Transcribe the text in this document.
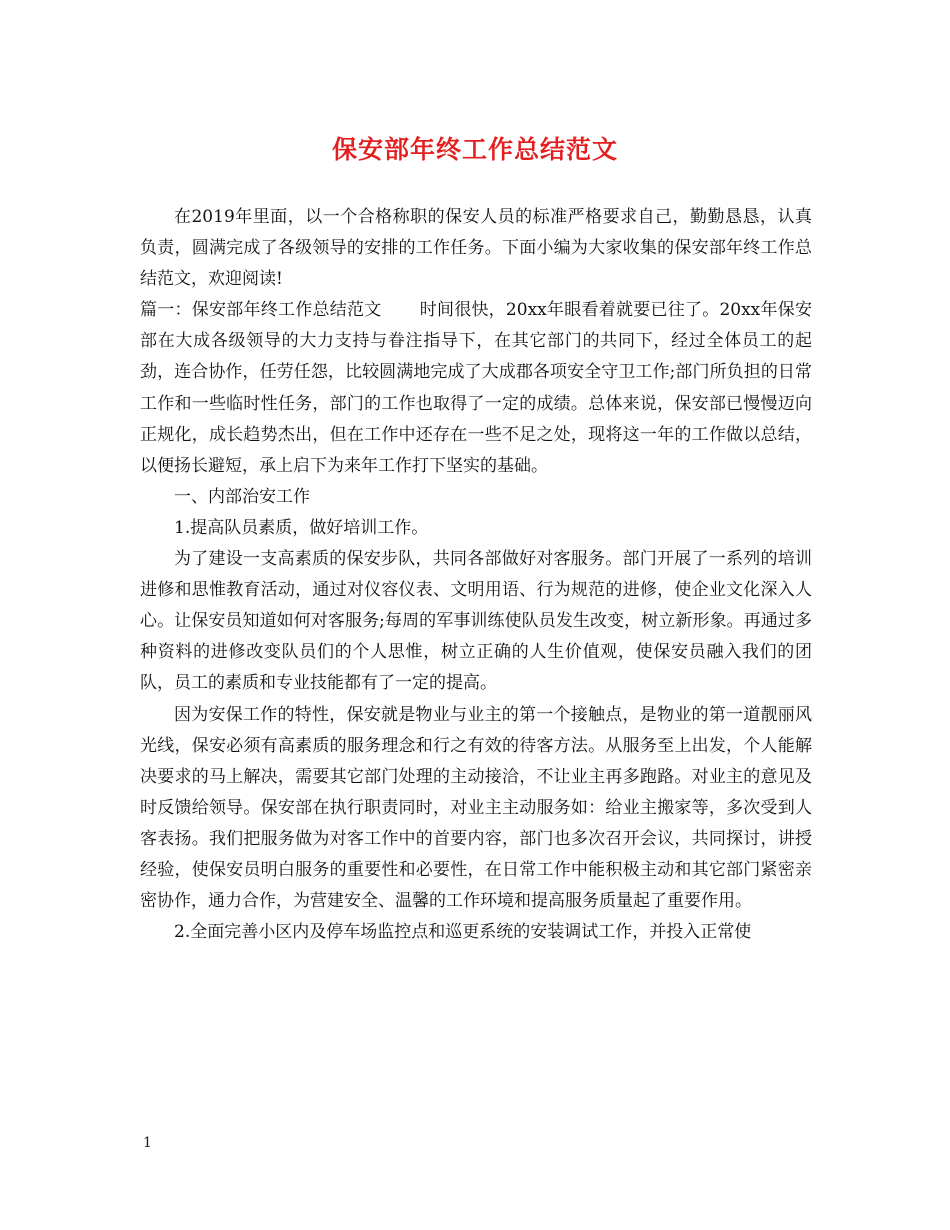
保安部年终工作总结范文

在2019年里面，以一个合格称职的保安人员的标准严格要求自己，勤勤恳恳，认真负责，圆满完成了各级领导的安排的工作任务。下面小编为大家收集的保安部年终工作总结范文，欢迎阅读!

篇一：保安部年终工作总结范文 时间很快，20xx年眼看着就要已往了。20xx年保安部在大成各级领导的大力支持与眷注指导下，在其它部门的共同下，经过全体员工的起劲，连合协作，任劳任怨，比较圆满地完成了大成郡各项安全守卫工作;部门所负担的日常工作和一些临时性任务，部门的工作也取得了一定的成绩。总体来说，保安部已慢慢迈向正规化，成长趋势杰出，但在工作中还存在一些不足之处，现将这一年的工作做以总结，以便扬长避短，承上启下为来年工作打下坚实的基础。

一、内部治安工作

1.提高队员素质，做好培训工作。

为了建设一支高素质的保安步队，共同各部做好对客服务。部门开展了一系列的培训进修和思惟教育活动，通过对仪容仪表、文明用语、行为规范的进修，使企业文化深入人心。让保安员知道如何对客服务;每周的军事训练使队员发生改变，树立新形象。再通过多种资料的进修改变队员们的个人思惟，树立正确的人生价值观，使保安员融入我们的团队，员工的素质和专业技能都有了一定的提高。

因为安保工作的特性，保安就是物业与业主的第一个接触点，是物业的第一道靓丽风光线，保安必须有高素质的服务理念和行之有效的待客方法。从服务至上出发，个人能解决要求的马上解决，需要其它部门处理的主动接洽，不让业主再多跑路。对业主的意见及时反馈给领导。保安部在执行职责同时，对业主主动服务如：给业主搬家等，多次受到人客表扬。我们把服务做为对客工作中的首要内容，部门也多次召开会议，共同探讨，讲授经验，使保安员明白服务的重要性和必要性，在日常工作中能积极主动和其它部门紧密亲密协作，通力合作，为营建安全、温馨的工作环境和提高服务质量起了重要作用。

2.全面完善小区内及停车场监控点和巡更系统的安装调试工作，并投入正常使

1
